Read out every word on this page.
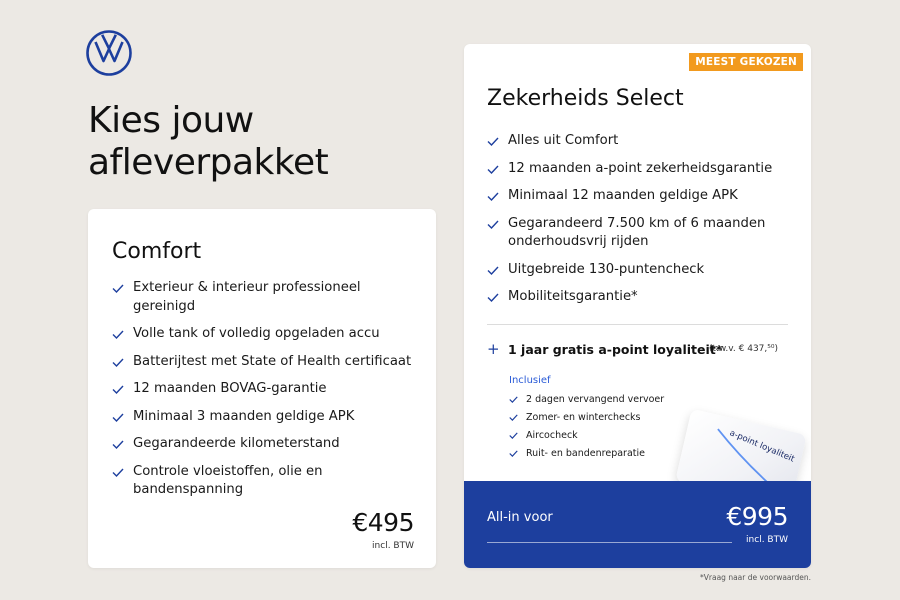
Kies jouw afleverpakket
Comfort
Exterieur & interieur professioneel gereinigd
Volle tank of volledig opgeladen accu
Batterijtest met State of Health certificaat
12 maanden BOVAG-garantie
Minimaal 3 maanden geldige APK
Gegarandeerde kilometerstand
Controle vloeistoffen, olie en bandenspanning
€495
incl. BTW
MEEST GEKOZEN
Zekerheids Select
Alles uit Comfort
12 maanden a-point zekerheidsgarantie
Minimaal 12 maanden geldige APK
Gegarandeerd 7.500 km of 6 maanden onderhoudsvrij rijden
Uitgebreide 130-puntencheck
Mobiliteitsgarantie*
+ 1 jaar gratis a-point loyaliteit*
(t.w.v. € 437,⁵⁰)
Inclusief
2 dagen vervangend vervoer
Zomer- en winterchecks
Aircocheck
Ruit- en bandenreparatie	a-point loyaliteit
All-in voor	€995
incl. BTW
*Vraag naar de voorwaarden.
